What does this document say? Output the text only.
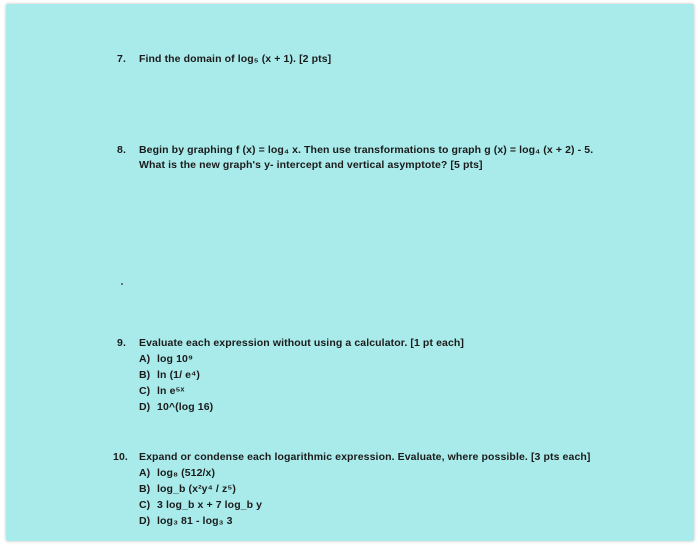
7. Find the domain of log₅ (x + 1). [2 pts]
8. Begin by graphing f (x) = log₄ x. Then use transformations to graph g (x) = log₄ (x + 2) - 5.
What is the new graph's y- intercept and vertical asymptote? [5 pts]
9. Evaluate each expression without using a calculator. [1 pt each]
A) log 10⁹
B) ln (1/ e⁴)
C) ln e⁵ˣ
D) 10^(log 16)
10. Expand or condense each logarithmic expression. Evaluate, where possible. [3 pts each]
A) log₈ (512/x)
B) log_b (x²y⁴ / z⁵)
C) 3 log_b x + 7 log_b y
D) log₃ 81 - log₃ 3
